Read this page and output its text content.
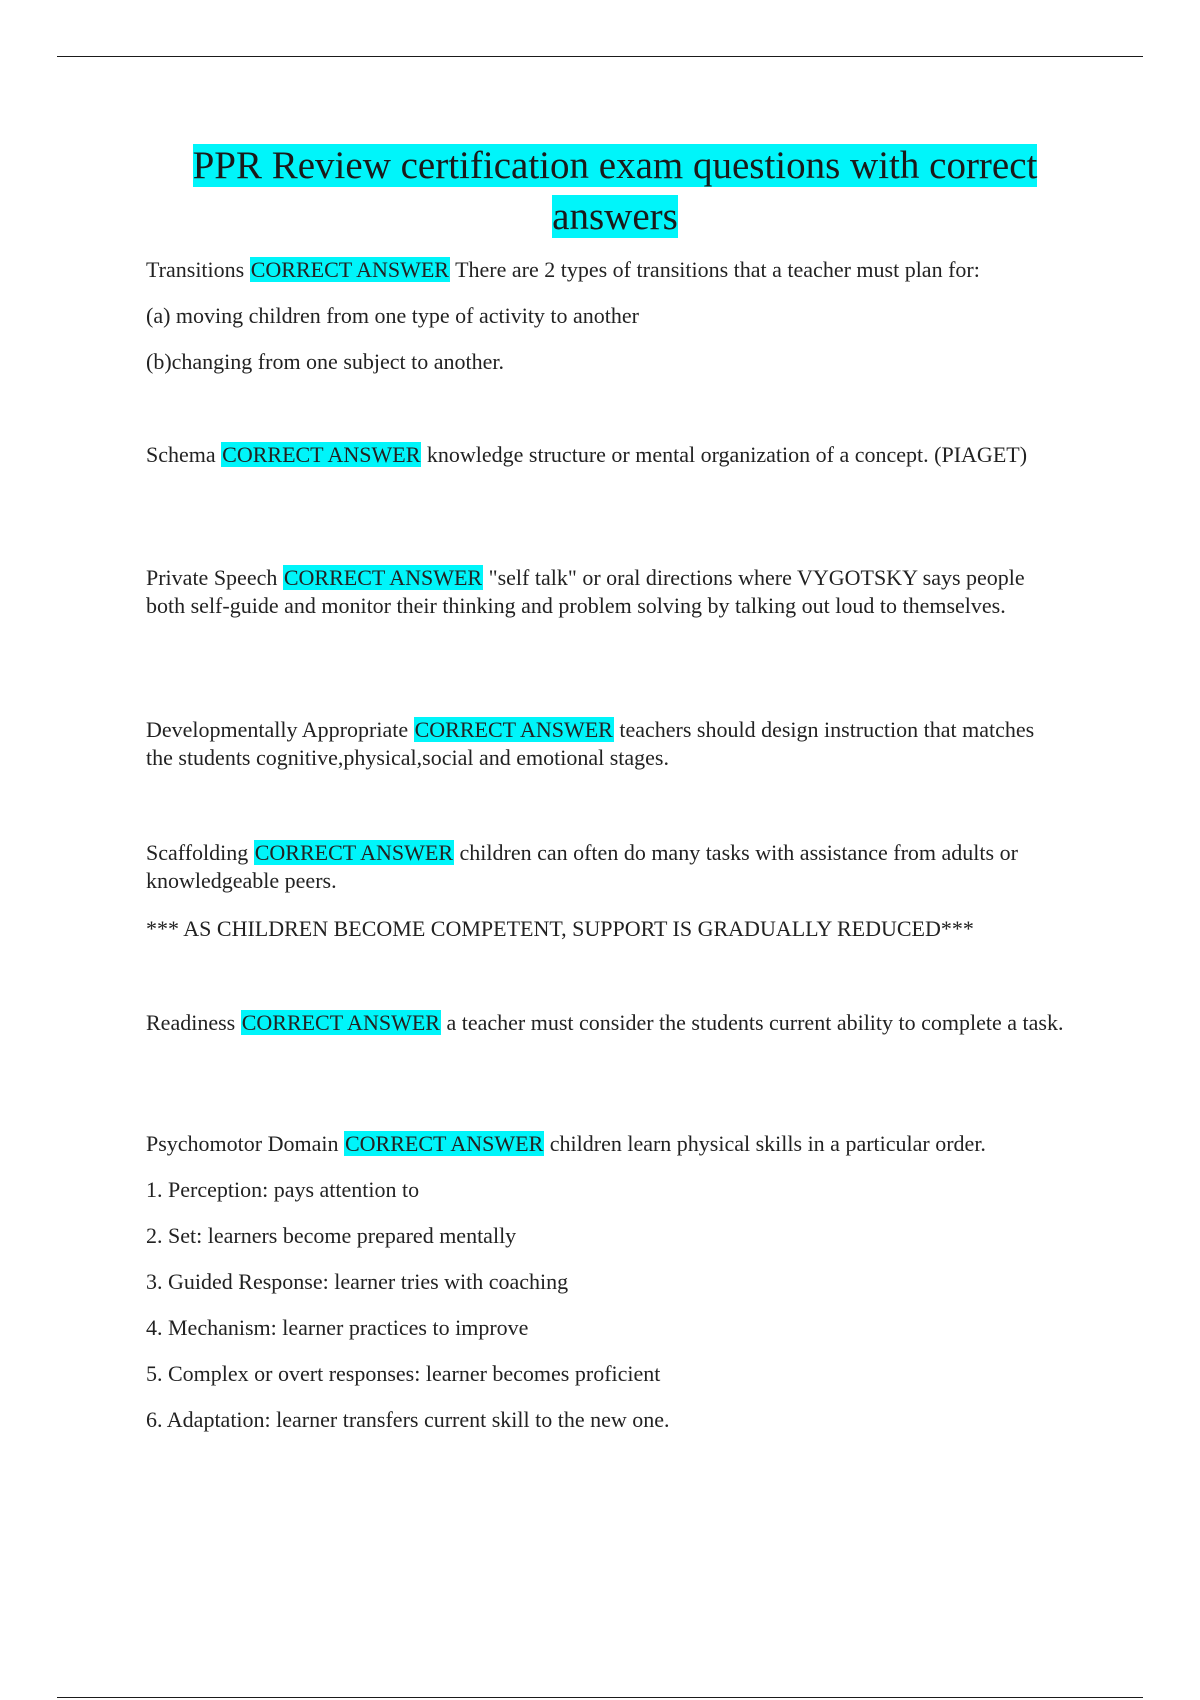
PPR Review certification exam questions with correct answers

Transitions CORRECT ANSWER There are 2 types of transitions that a teacher must plan for:

(a) moving children from one type of activity to another

(b)changing from one subject to another.

Schema CORRECT ANSWER knowledge structure or mental organization of a concept. (PIAGET)

Private Speech CORRECT ANSWER "self talk" or oral directions where VYGOTSKY says people both self-guide and monitor their thinking and problem solving by talking out loud to themselves.

Developmentally Appropriate CORRECT ANSWER teachers should design instruction that matches the students cognitive,physical,social and emotional stages.

Scaffolding CORRECT ANSWER children can often do many tasks with assistance from adults or knowledgeable peers.

*** AS CHILDREN BECOME COMPETENT, SUPPORT IS GRADUALLY REDUCED***

Readiness CORRECT ANSWER a teacher must consider the students current ability to complete a task.

Psychomotor Domain CORRECT ANSWER children learn physical skills in a particular order.

1. Perception: pays attention to

2. Set: learners become prepared mentally

3. Guided Response: learner tries with coaching

4. Mechanism: learner practices to improve

5. Complex or overt responses: learner becomes proficient

6. Adaptation: learner transfers current skill to the new one.
